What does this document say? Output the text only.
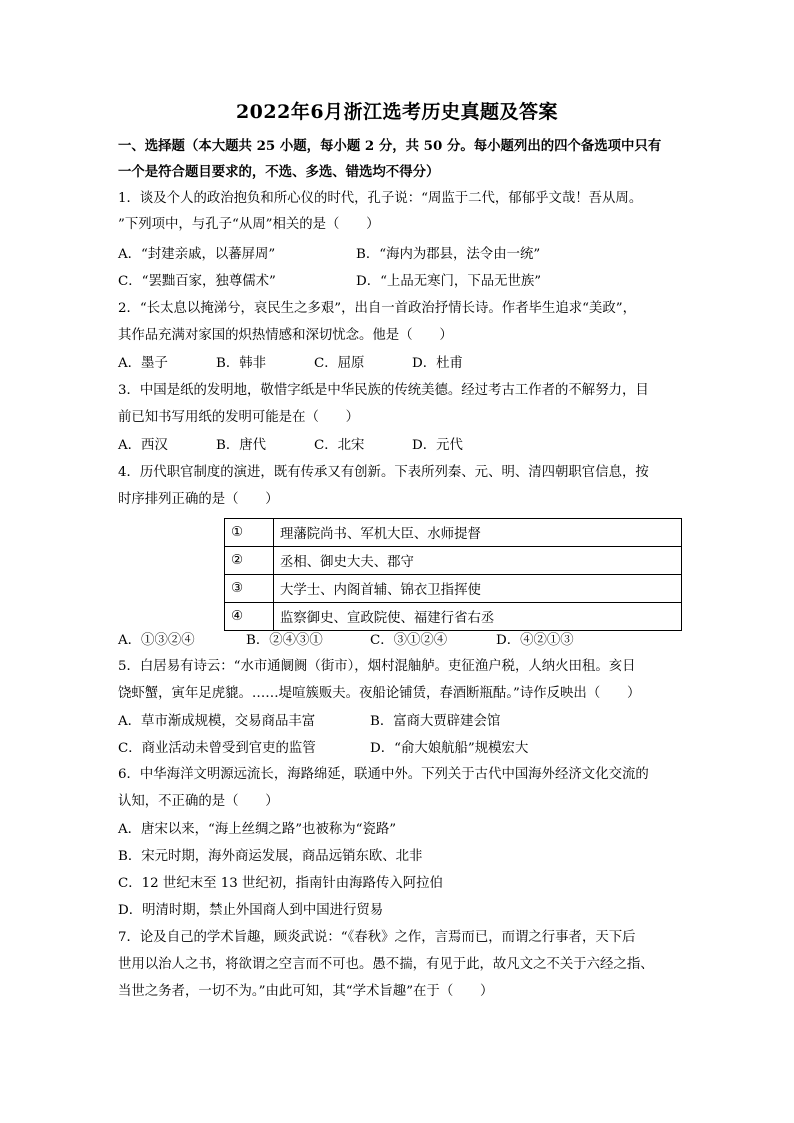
2022年6月浙江选考历史真题及答案
一、选择题（本大题共 25 小题，每小题 2 分，共 50 分。每小题列出的四个备选项中只有
一个是符合题目要求的，不选、多选、错选均不得分）
1．谈及个人的政治抱负和所心仪的时代，孔子说：“周监于二代，郁郁乎文哉！吾从周。
”下列项中，与孔子“从周”相关的是（　　）
A．“封建亲戚，以蕃屏周”	B．“海内为郡县，法令由一统”
C．“罢黜百家，独尊儒术”	D．“上品无寒门，下品无世族”
2．“长太息以掩涕兮，哀民生之多艰”，出自一首政治抒情长诗。作者毕生追求“美政”，
其作品充满对家国的炽热情感和深切忧念。他是（　　）
A．墨子	B．韩非	C．屈原	D．杜甫
3．中国是纸的发明地，敬惜字纸是中华民族的传统美德。经过考古工作者的不解努力，目
前已知书写用纸的发明可能是在（　　）
A．西汉	B．唐代	C．北宋	D．元代
4．历代职官制度的演进，既有传承又有创新。下表所列秦、元、明、清四朝职官信息，按
时序排列正确的是（　　）
①	理藩院尚书、军机大臣、水师提督
②	丞相、御史大夫、郡守
③	大学士、内阁首辅、锦衣卫指挥使
④	监察御史、宣政院使、福建行省右丞
A．①③②④	B．②④③①	C．③①②④	D．④②①③
5．白居易有诗云：“水市通阛阓（街市），烟村混舳舻。吏征渔户税，人纳火田租。亥日
饶虾蟹，寅年足虎貔。……堤喧簇贩夫。夜船论铺赁，春酒断瓶酤。”诗作反映出（　　）
A．草市渐成规模，交易商品丰富	B．富商大贾辟建会馆
C．商业活动未曾受到官吏的监管	D．“俞大娘航船”规模宏大
6．中华海洋文明源远流长，海路绵延，联通中外。下列关于古代中国海外经济文化交流的
认知，不正确的是（　　）
A．唐宋以来，“海上丝绸之路”也被称为“瓷路”
B．宋元时期，海外商运发展，商品远销东欧、北非
C．12 世纪末至 13 世纪初，指南针由海路传入阿拉伯
D．明清时期，禁止外国商人到中国进行贸易
7．论及自己的学术旨趣，顾炎武说：“《春秋》之作，言焉而已，而谓之行事者，天下后
世用以治人之书，将欲谓之空言而不可也。愚不揣，有见于此，故凡文之不关于六经之指、
当世之务者，一切不为。”由此可知，其“学术旨趣”在于（　　）
